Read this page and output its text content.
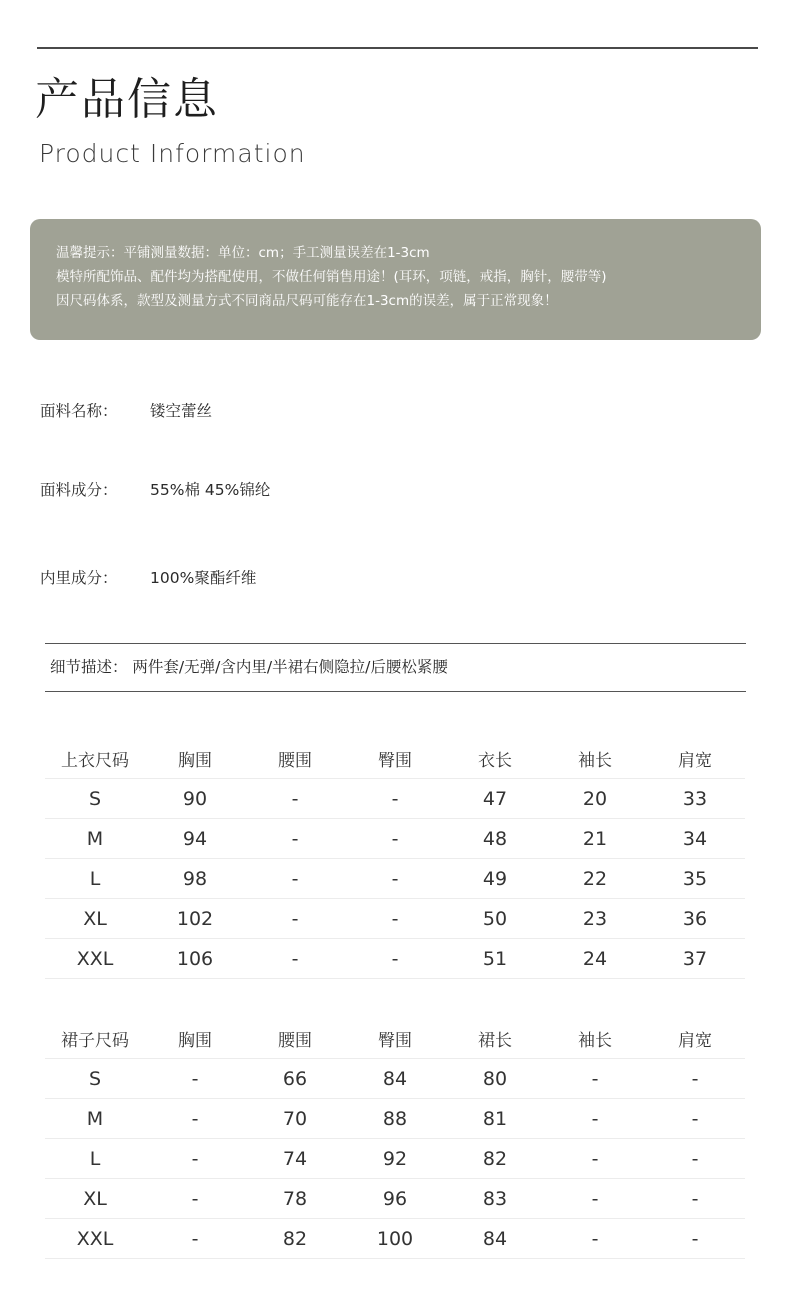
产品信息
Product Information
温馨提示：平铺测量数据：单位：cm；手工测量误差在1-3cm
模特所配饰品、配件均为搭配使用，不做任何销售用途！(耳环，项链，戒指，胸针，腰带等)
因尺码体系，款型及测量方式不同商品尺码可能存在1-3cm的误差，属于正常现象！
面料名称： 镂空蕾丝
面料成分： 55%棉 45%锦纶
内里成分： 100%聚酯纤维
细节描述： 两件套/无弹/含内里/半裙右侧隐拉/后腰松紧腰
上衣尺码	胸围	腰围	臀围	衣长	袖长	肩宽
S	90	-	-	47	20	33
M	94	-	-	48	21	34
L	98	-	-	49	22	35
XL	102	-	-	50	23	36
XXL	106	-	-	51	24	37
裙子尺码	胸围	腰围	臀围	裙长	袖长	肩宽
S	-	66	84	80	-	-
M	-	70	88	81	-	-
L	-	74	92	82	-	-
XL	-	78	96	83	-	-
XXL	-	82	100	84	-	-
